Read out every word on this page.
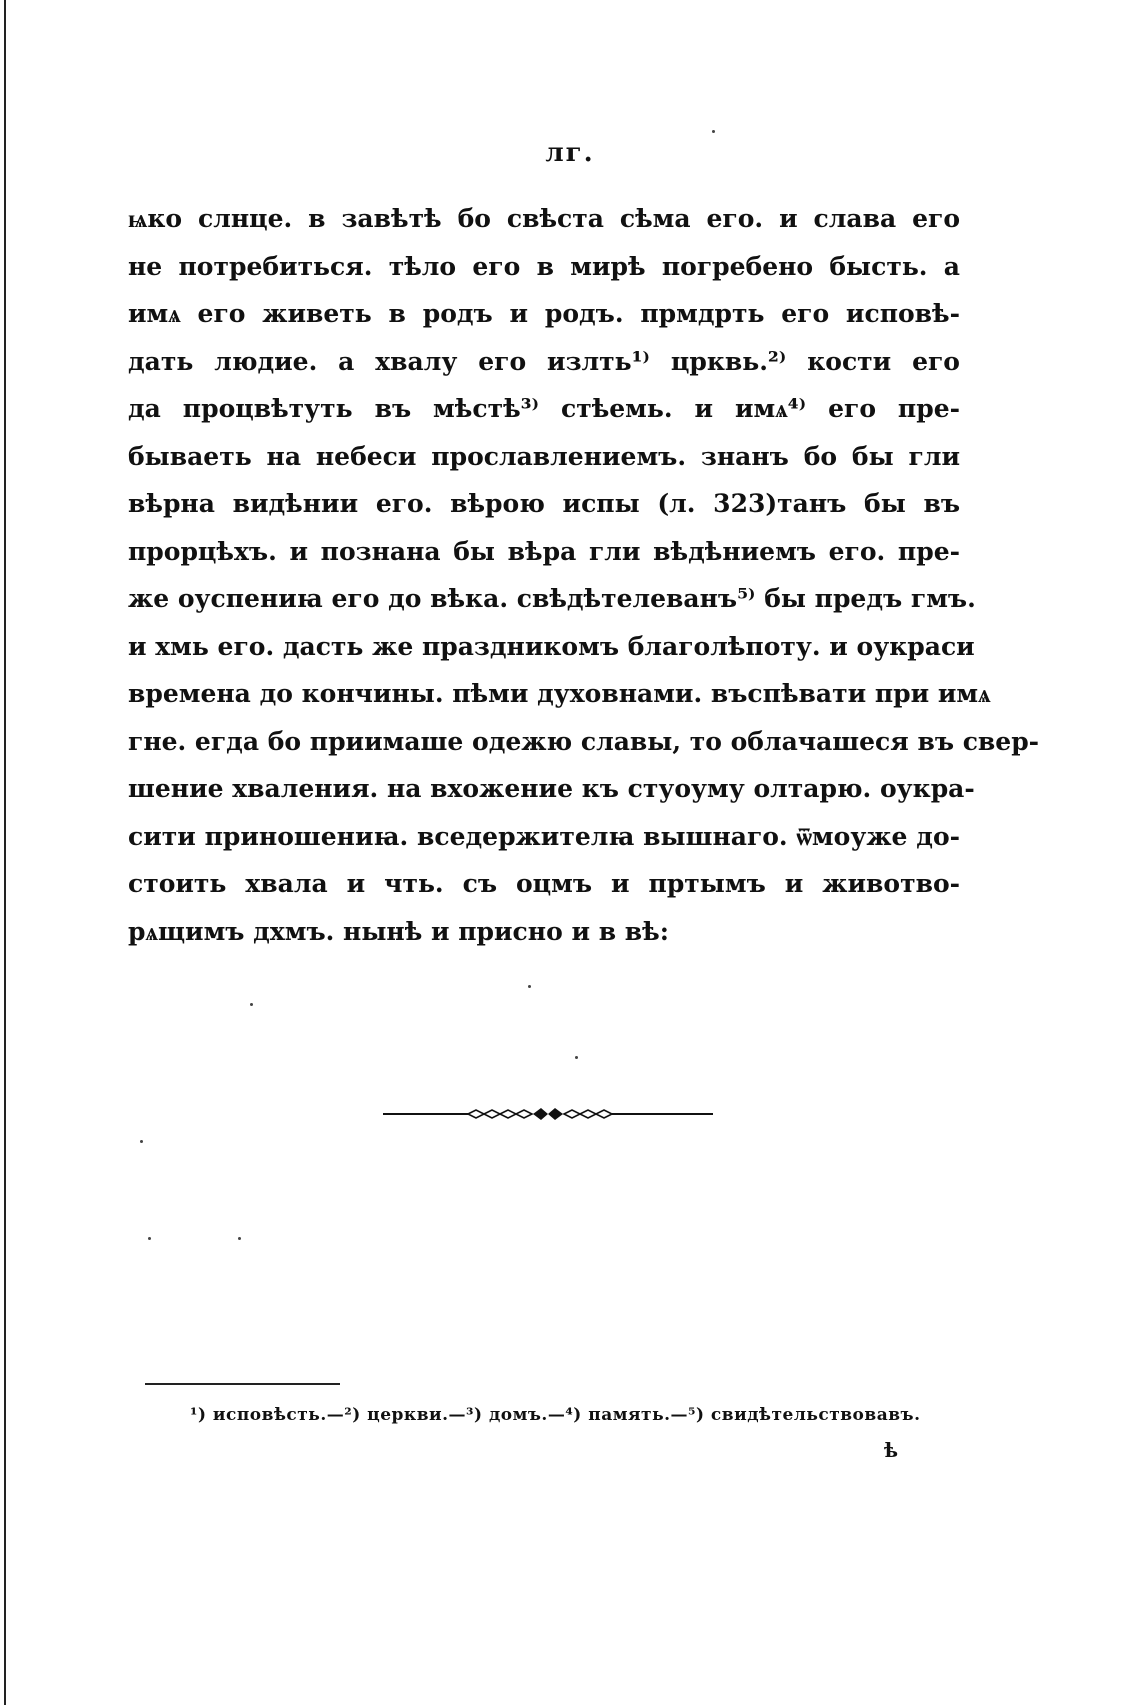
лг.
ѩко слнце. в завѣтѣ бо свѣста сѣма его. и слава его
не потребиться. тѣло его в мирѣ погребено бысть. а
имѧ его живеть в родъ и родъ. прмдрть его исповѣ-
дать людие. а хвалу его излть¹⁾ црквь.²⁾ кости его
да процвѣтуть въ мѣстѣ³⁾ стѣемь. и имѧ⁴⁾ его пре-
бываеть на небеси прославлениемъ. знанъ бо бы гли
вѣрна видѣнии его. вѣрою испы (л. 323)танъ бы въ
прорцѣхъ. и познана бы вѣра гли вѣдѣниемъ его. пре-
же оуспениꙗ его до вѣка. свѣдѣтелеванъ⁵⁾ бы предъ гмъ.
и хмь его. дасть же праздникомъ благолѣпоту. и оукраси
времена до кончины. пѣми духовнами. въспѣвати при имѧ
гне. егда бо приимаше одежю славы, то облачашеся въ свер-
шение хваления. на вхожение къ стуоуму олтарю. оукра-
сити приношениꙗ. вседержителꙗ вышнаго. ѿмоуже до-
стоить хвала и чть. съ оцмъ и пртымъ и животво-
рѧщимъ дхмъ. нынѣ и присно и в вѣ:
¹) исповѣсть.—²) церкви.—³) домъ.—⁴) память.—⁵) свидѣтельствовавъ.
ѣ
